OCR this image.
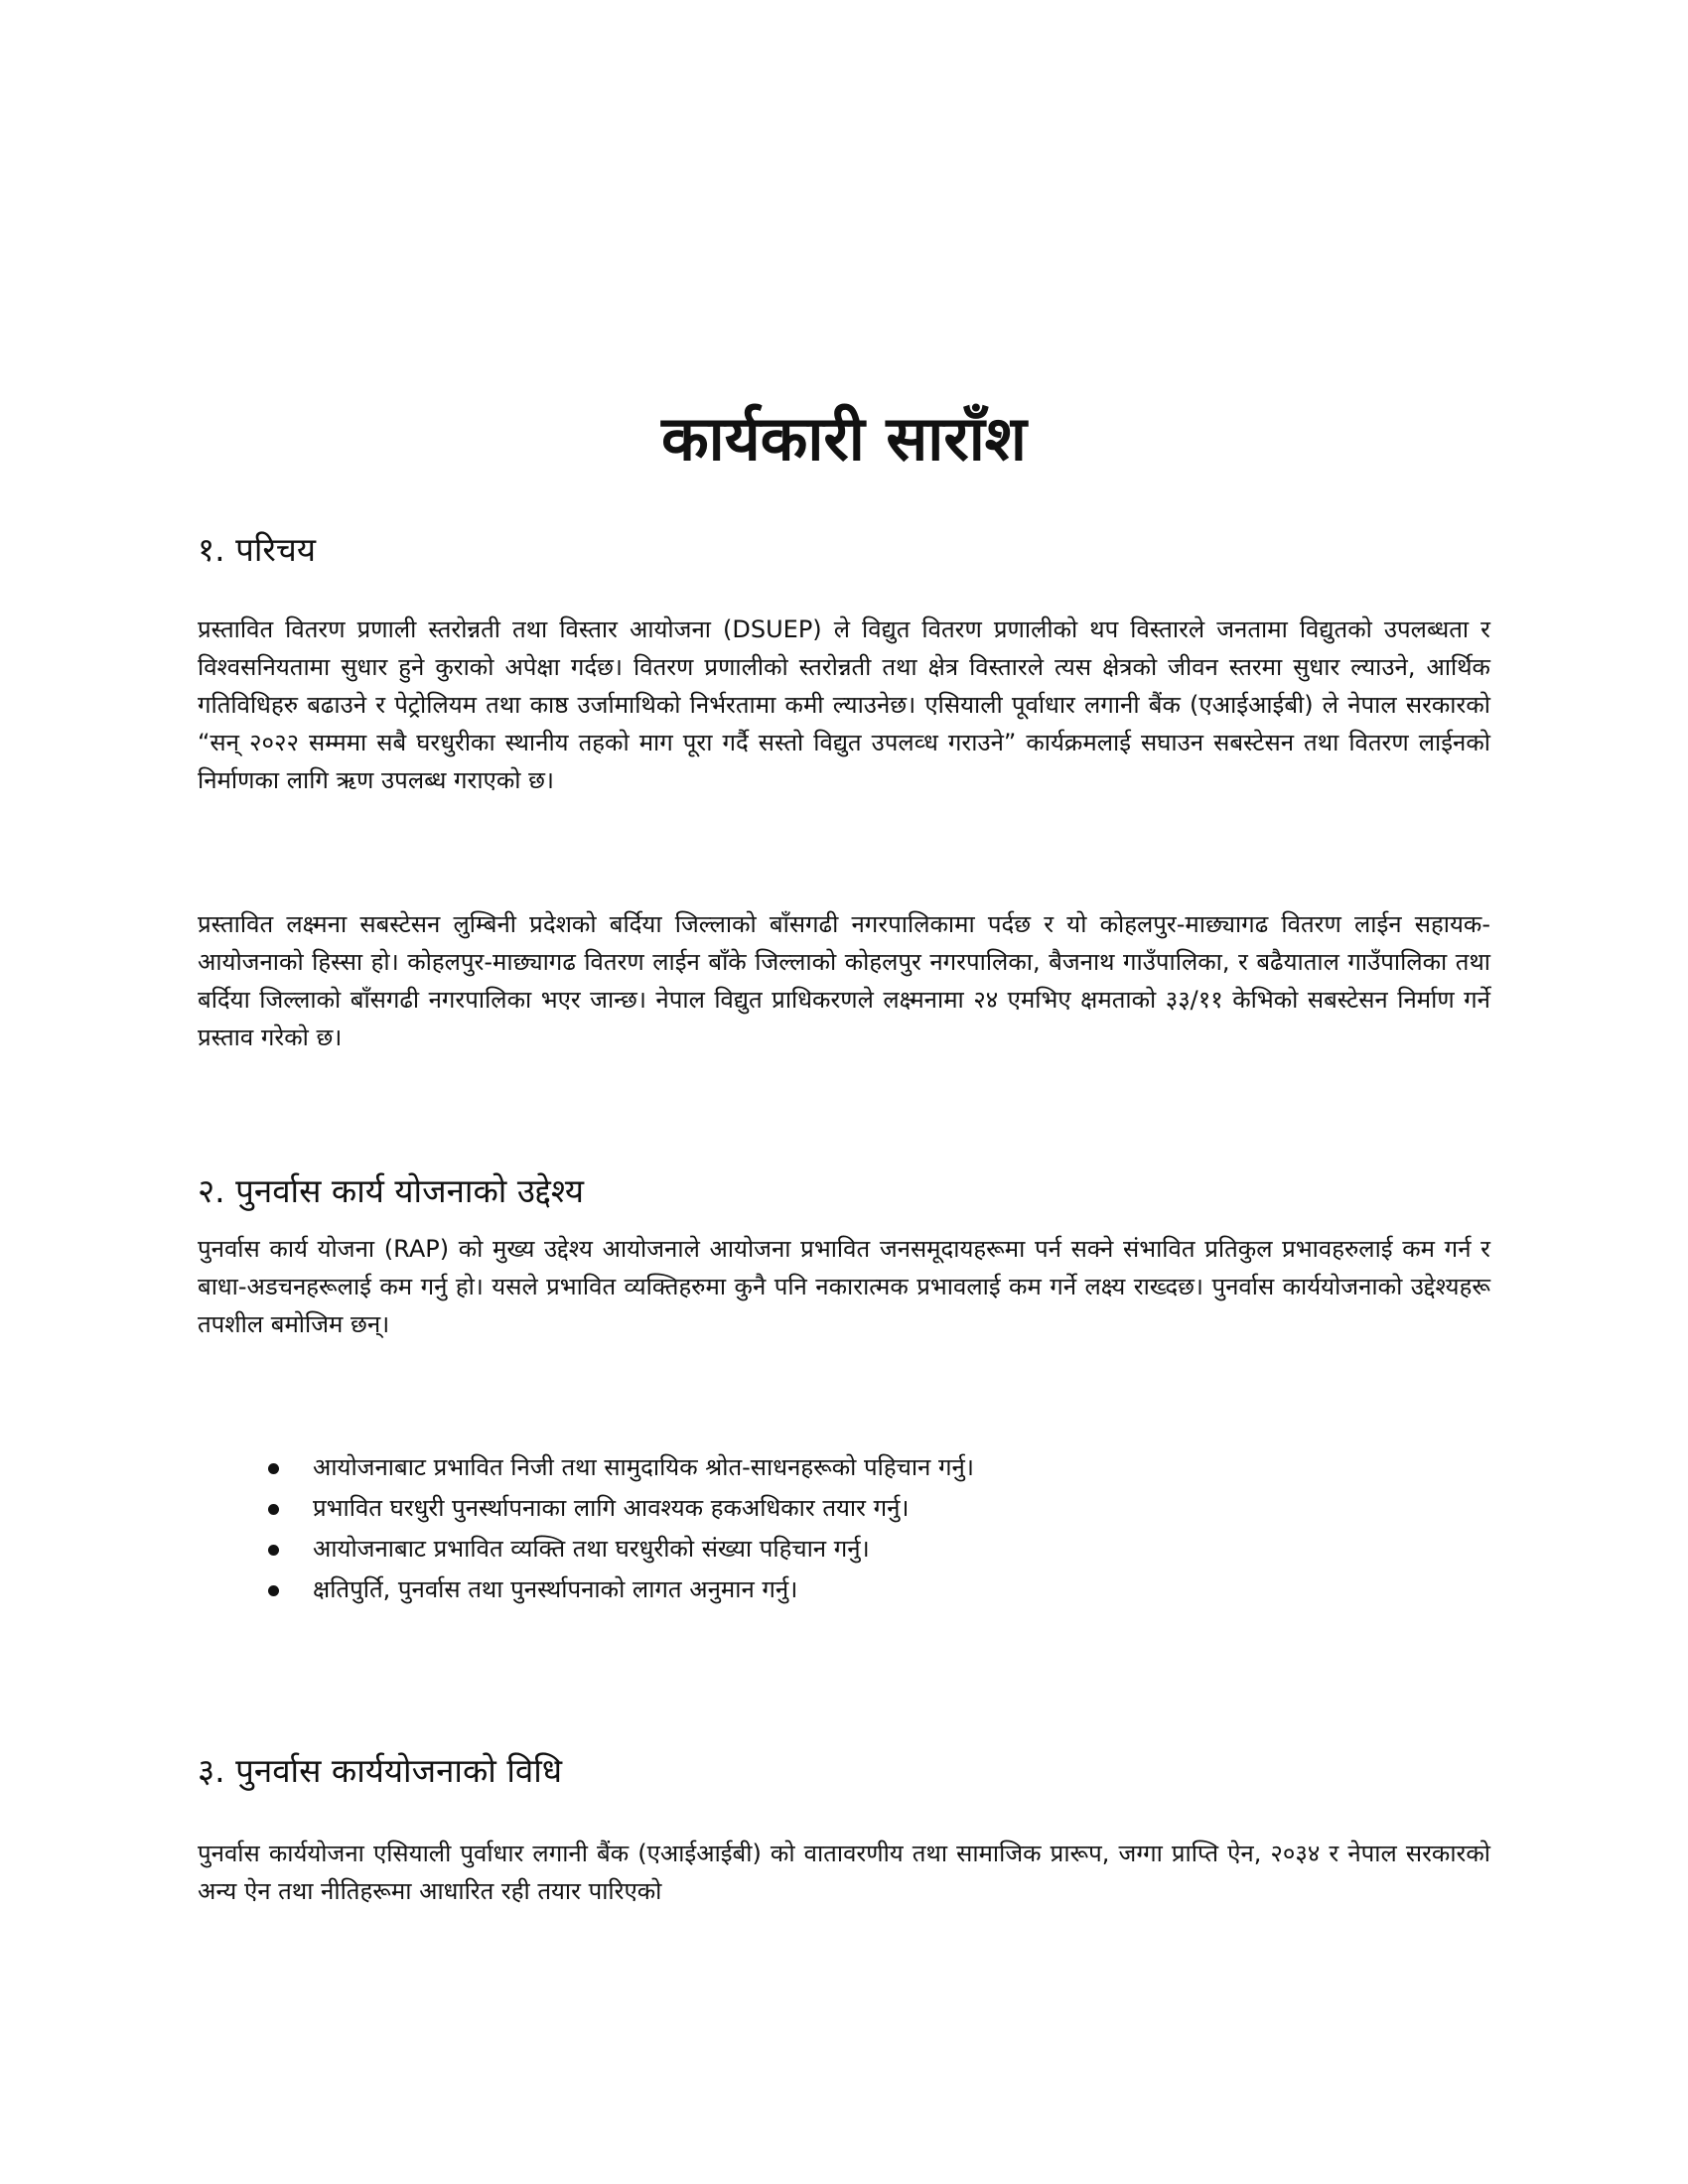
कार्यकारी साराँश
१. परिचय

प्रस्तावित वितरण प्रणाली स्तरोन्नती तथा विस्तार आयोजना (DSUEP) ले विद्युत वितरण प्रणालीको थप विस्तारले जनतामा विद्युतको उपलब्धता र विश्वसनियतामा सुधार हुने कुराको अपेक्षा गर्दछ। वितरण प्रणालीको स्तरोन्नती तथा क्षेत्र विस्तारले त्यस क्षेत्रको जीवन स्तरमा सुधार ल्याउने, आर्थिक गतिविधिहरु बढाउने र पेट्रोलियम तथा काष्ठ उर्जामाथिको निर्भरतामा कमी ल्याउनेछ। एसियाली पूर्वाधार लगानी बैंक (एआईआईबी) ले नेपाल सरकारको “सन् २०२२ सम्ममा सबै घरधुरीका स्थानीय तहको माग पूरा गर्दै सस्तो विद्युत उपलव्ध गराउने” कार्यक्रमलाई सघाउन सबस्टेसन तथा वितरण लाईनको निर्माणका लागि ऋण उपलब्ध गराएको छ।

प्रस्तावित लक्ष्मना सबस्टेसन लुम्बिनी प्रदेशको बर्दिया जिल्लाको बाँसगढी नगरपालिकामा पर्दछ र यो कोहलपुर-माछ्यागढ वितरण लाईन सहायक-आयोजनाको हिस्सा हो। कोहलपुर-माछ्यागढ वितरण लाईन बाँके जिल्लाको कोहलपुर नगरपालिका, बैजनाथ गाउँपालिका, र बढैयाताल गाउँपालिका तथा बर्दिया जिल्लाको बाँसगढी नगरपालिका भएर जान्छ। नेपाल विद्युत प्राधिकरणले लक्ष्मनामा २४ एमभिए क्षमताको ३३/११ केभिको सबस्टेसन निर्माण गर्ने प्रस्ताव गरेको छ।

२. पुनर्वास कार्य योजनाको उद्देश्य

पुनर्वास कार्य योजना (RAP) को मुख्य उद्देश्य आयोजनाले आयोजना प्रभावित जनसमूदायहरूमा पर्न सक्ने संभावित प्रतिकुल प्रभावहरुलाई कम गर्न र बाधा-अडचनहरूलाई कम गर्नु हो। यसले प्रभावित व्यक्तिहरुमा कुनै पनि नकारात्मक प्रभावलाई कम गर्ने लक्ष्य राख्दछ। पुनर्वास कार्ययोजनाको उद्देश्यहरू तपशील बमोजिम छन्।

आयोजनाबाट प्रभावित निजी तथा सामुदायिक श्रोत-साधनहरूको पहिचान गर्नु।
प्रभावित घरधुरी पुनर्स्थापनाका लागि आवश्यक हकअधिकार तयार गर्नु।
आयोजनाबाट प्रभावित व्यक्ति तथा घरधुरीको संख्या पहिचान गर्नु।
क्षतिपुर्ति, पुनर्वास तथा पुनर्स्थापनाको लागत अनुमान गर्नु।
३. पुनर्वास कार्ययोजनाको विधि

पुनर्वास कार्ययोजना एसियाली पुर्वाधार लगानी बैंक (एआईआईबी) को वातावरणीय तथा सामाजिक प्रारूप, जग्गा प्राप्ति ऐन, २०३४ र नेपाल सरकारको अन्य ऐन तथा नीतिहरूमा आधारित रही तयार पारिएको
